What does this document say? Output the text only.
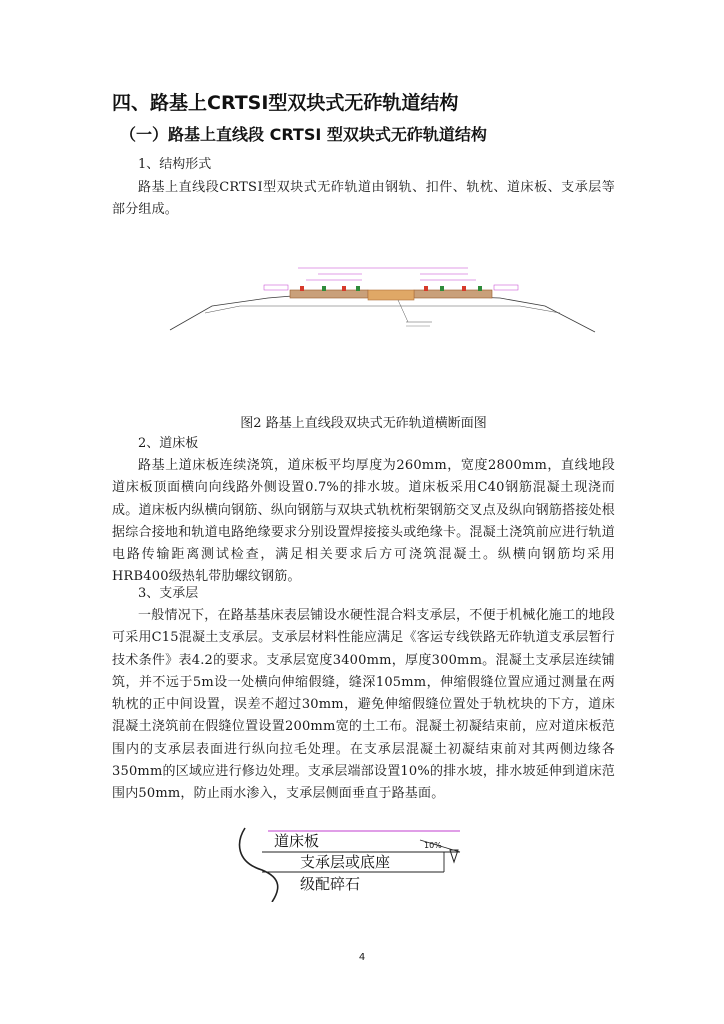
四、路基上CRTSⅠ型双块式无砟轨道结构
（一）路基上直线段 CRTSI 型双块式无砟轨道结构
1、结构形式
路基上直线段CRTSⅠ型双块式无砟轨道由钢轨、扣件、轨枕、道床板、支承层等部分组成。
图2 路基上直线段双块式无砟轨道横断面图
2、道床板
路基上道床板连续浇筑，道床板平均厚度为260mm，宽度2800mm，直线地段道床板顶面横向向线路外侧设置0.7%的排水坡。道床板采用C40钢筋混凝土现浇而成。道床板内纵横向钢筋、纵向钢筋与双块式轨枕桁架钢筋交叉点及纵向钢筋搭接处根据综合接地和轨道电路绝缘要求分别设置焊接接头或绝缘卡。混凝土浇筑前应进行轨道电路传输距离测试检查，满足相关要求后方可浇筑混凝土。纵横向钢筋均采用HRB400级热轧带肋螺纹钢筋。
3、支承层
一般情况下，在路基基床表层铺设水硬性混合料支承层，不便于机械化施工的地段可采用C15混凝土支承层。支承层材料性能应满足《客运专线铁路无砟轨道支承层暂行技术条件》表4.2的要求。支承层宽度3400mm，厚度300mm。混凝土支承层连续铺筑，并不远于5m设一处横向伸缩假缝，缝深105mm，伸缩假缝位置应通过测量在两轨枕的正中间设置，误差不超过30mm，避免伸缩假缝位置处于轨枕块的下方，道床混凝土浇筑前在假缝位置设置200mm宽的土工布。混凝土初凝结束前，应对道床板范围内的支承层表面进行纵向拉毛处理。在支承层混凝土初凝结束前对其两侧边缘各350mm的区域应进行修边处理。支承层端部设置10%的排水坡，排水坡延伸到道床范围内50mm，防止雨水渗入，支承层侧面垂直于路基面。
道床板
支承层或底座
级配碎石
10%
4
